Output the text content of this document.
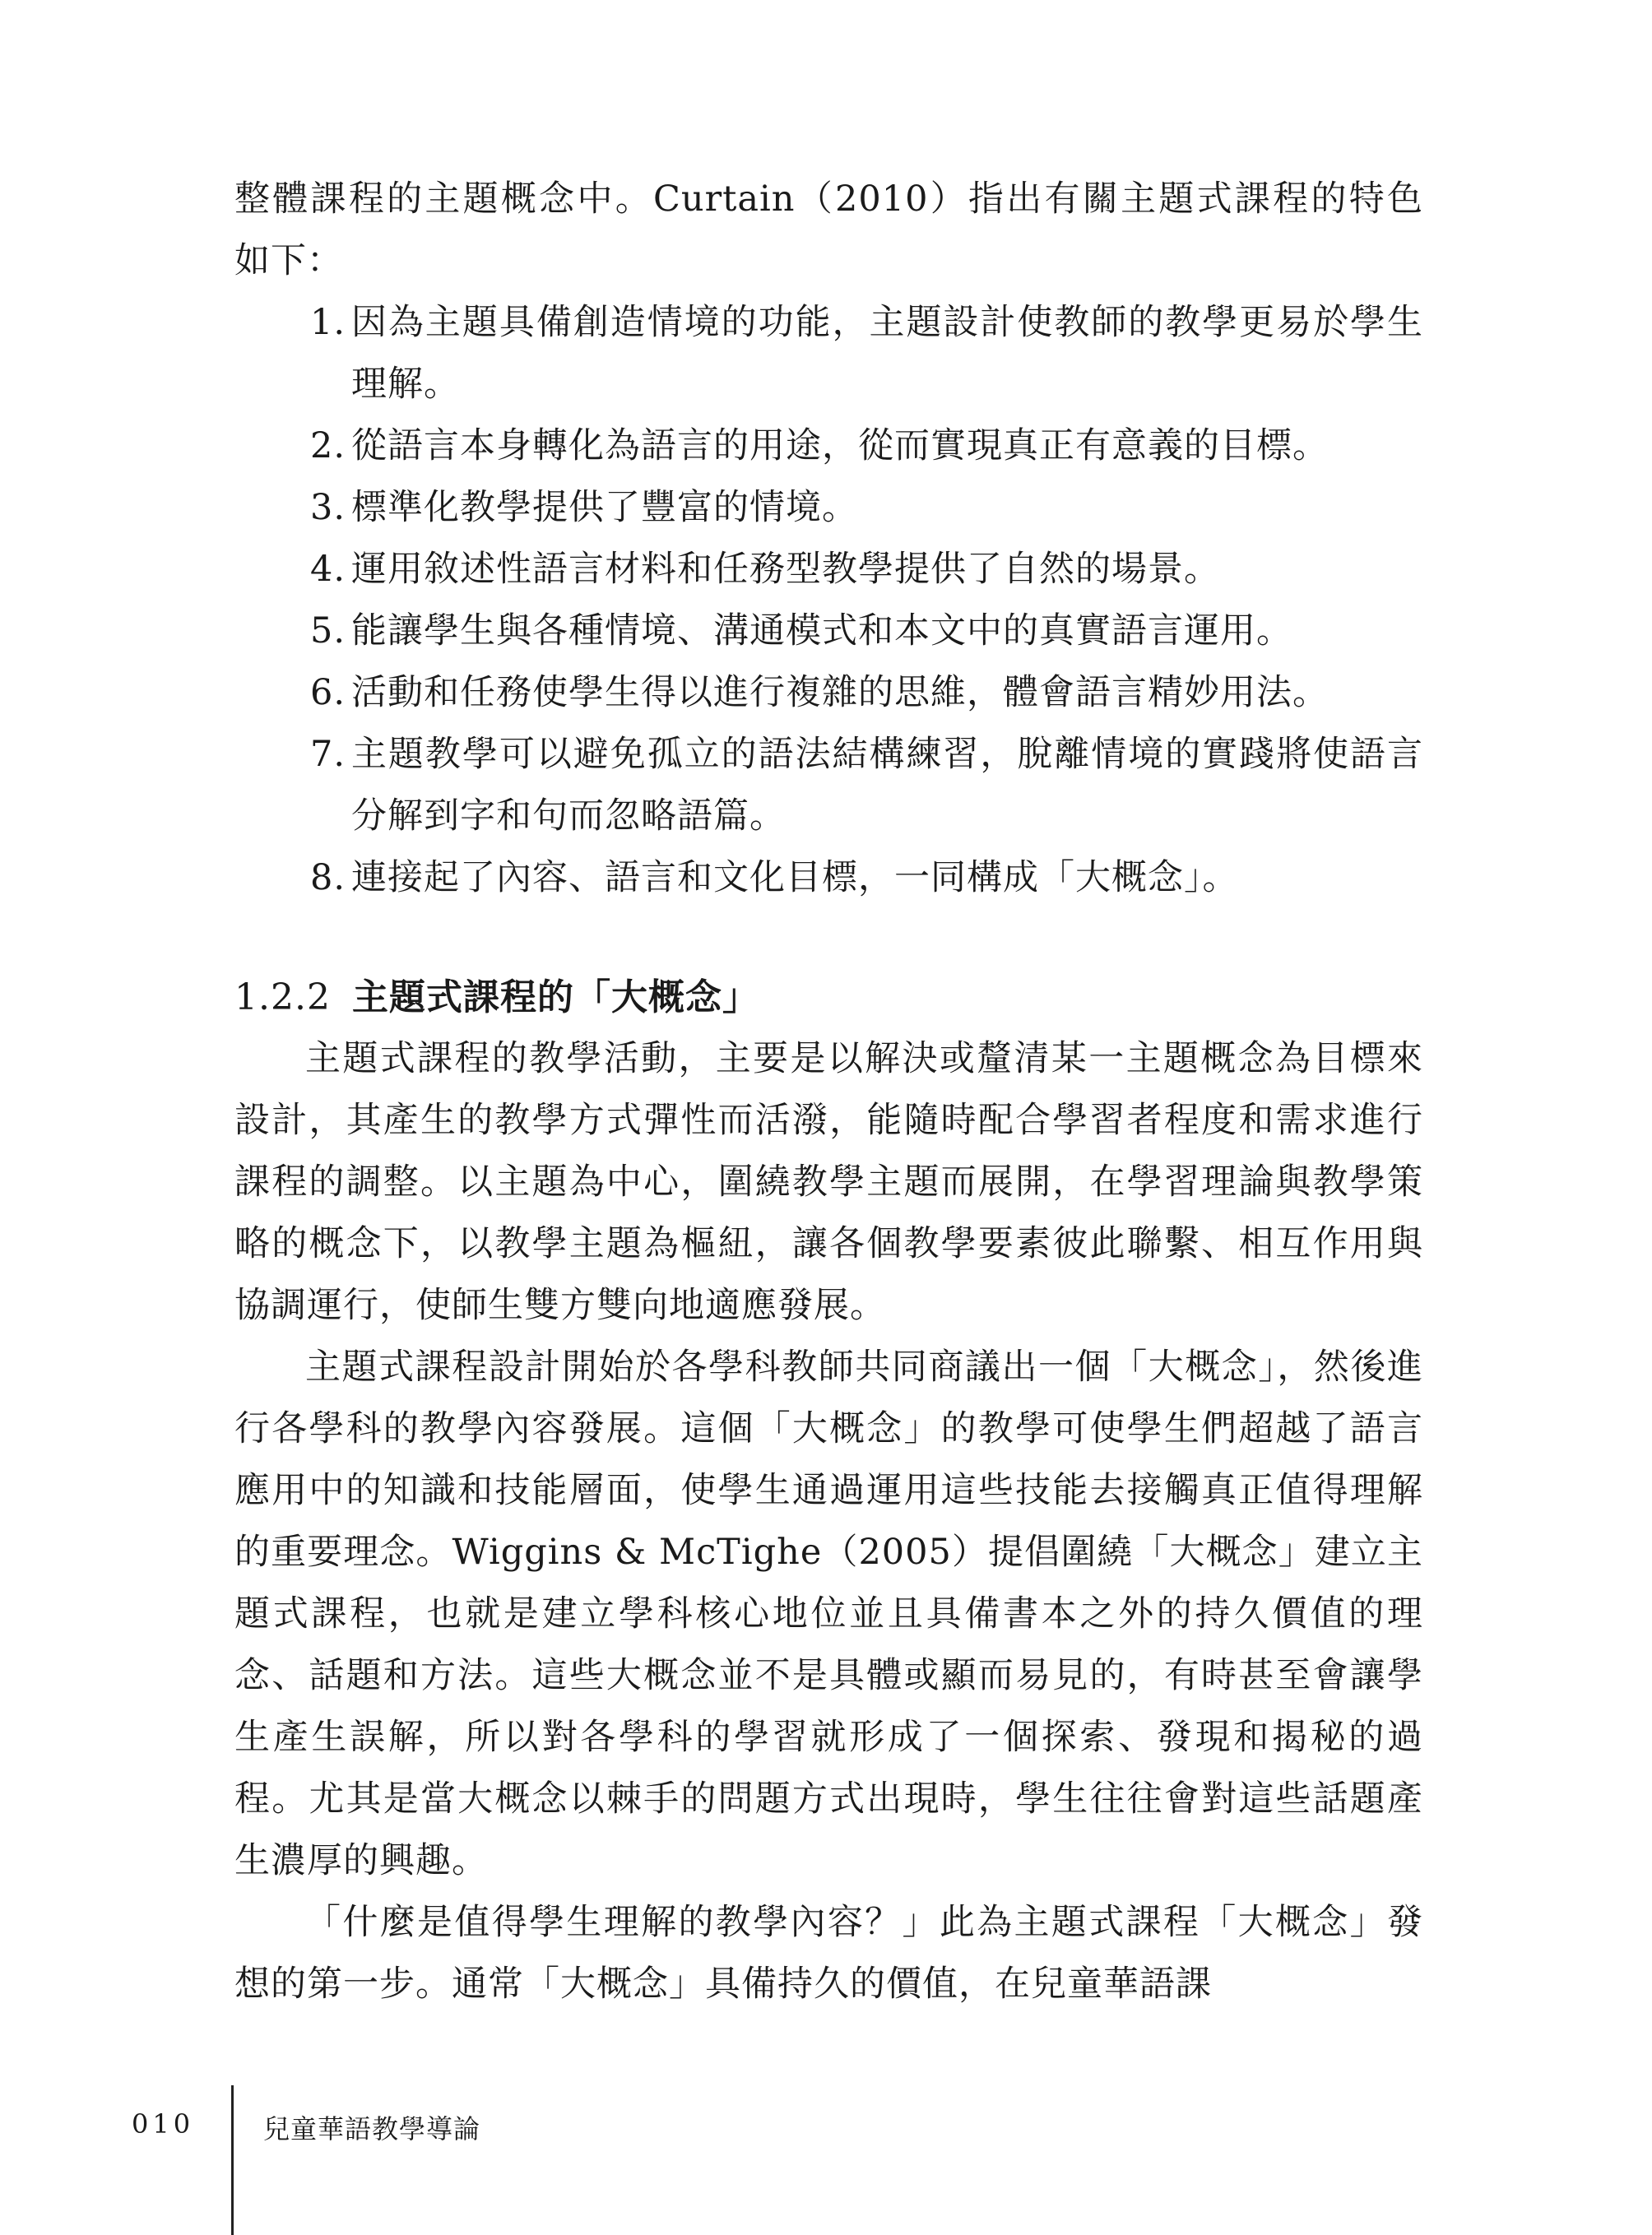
整體課程的主題概念中。Curtain（2010）指出有關主題式課程的特色

如下：

1. 因為主題具備創造情境的功能，主題設計使教師的教學更易於學生理解。
2. 從語言本身轉化為語言的用途，從而實現真正有意義的目標。
3. 標準化教學提供了豐富的情境。
4. 運用敘述性語言材料和任務型教學提供了自然的場景。
5. 能讓學生與各種情境、溝通模式和本文中的真實語言運用。
6. 活動和任務使學生得以進行複雜的思維，體會語言精妙用法。
7. 主題教學可以避免孤立的語法結構練習，脫離情境的實踐將使語言分解到字和句而忽略語篇。
8. 連接起了內容、語言和文化目標，一同構成「大概念」。
1.2.2 主題式課程的「大概念」

主題式課程的教學活動，主要是以解決或釐清某一主題概念為目標來設計，其產生的教學方式彈性而活潑，能隨時配合學習者程度和需求進行課程的調整。以主題為中心，圍繞教學主題而展開，在學習理論與教學策略的概念下，以教學主題為樞紐，讓各個教學要素彼此聯繫、相互作用與協調運行，使師生雙方雙向地適應發展。

主題式課程設計開始於各學科教師共同商議出一個「大概念」，然後進行各學科的教學內容發展。這個「大概念」的教學可使學生們超越了語言應用中的知識和技能層面，使學生通過運用這些技能去接觸真正值得理解的重要理念。Wiggins & McTighe（2005）提倡圍繞「大概念」建立主題式課程，也就是建立學科核心地位並且具備書本之外的持久價值的理念、話題和方法。這些大概念並不是具體或顯而易見的，有時甚至會讓學生產生誤解，所以對各學科的學習就形成了一個探索、發現和揭秘的過程。尤其是當大概念以棘手的問題方式出現時，學生往往會對這些話題產生濃厚的興趣。

「什麼是值得學生理解的教學內容？」此為主題式課程「大概念」發想的第一步。通常「大概念」具備持久的價值，在兒童華語課

010	兒童華語教學導論
